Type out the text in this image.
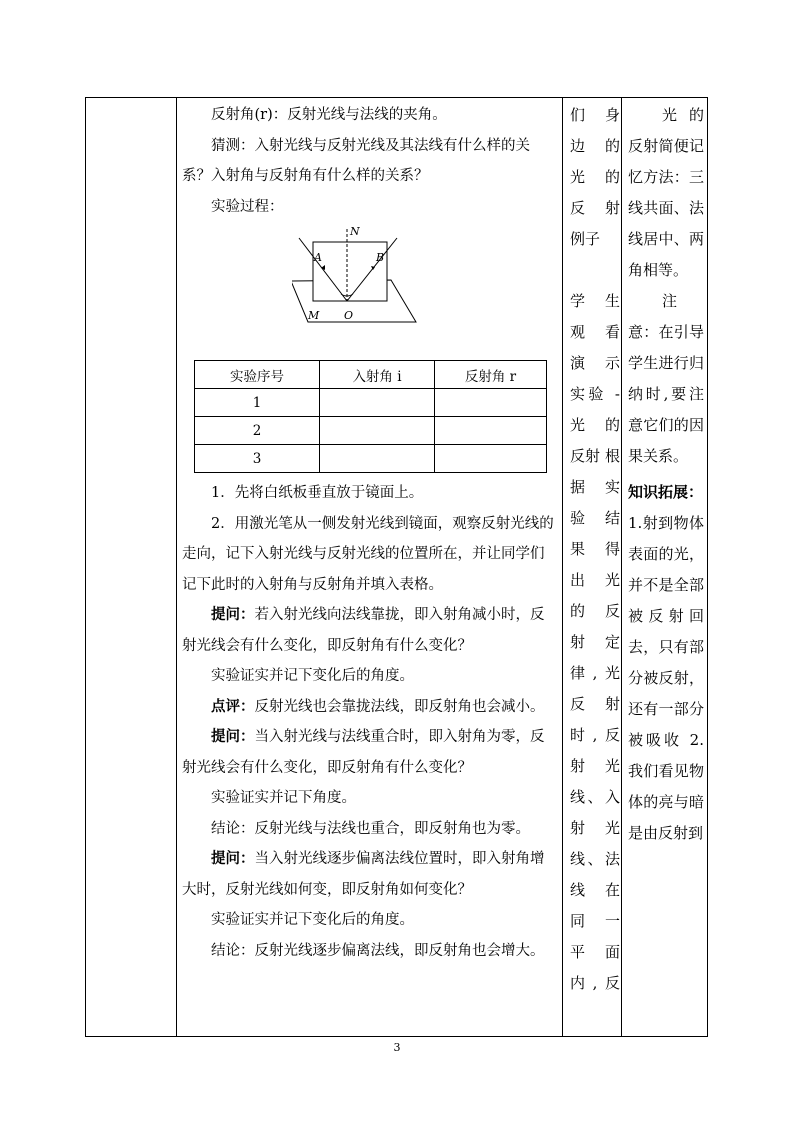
反射角(r)：反射光线与法线的夹角。

猜测：入射光线与反射光线及其法线有什么样的关系？入射角与反射角有什么样的关系？

实验过程：

N
A	B
M O

1．先将白纸板垂直放于镜面上。

2．用激光笔从一侧发射光线到镜面，观察反射光线的走向，记下入射光线与反射光线的位置所在，并让同学们记下此时的入射角与反射角并填入表格。

提问：若入射光线向法线靠拢，即入射角减小时，反射光线会有什么变化，即反射角有什么变化？

实验证实并记下变化后的角度。

点评：反射光线也会靠拢法线，即反射角也会减小。

提问：当入射光线与法线重合时，即入射角为零，反射光线会有什么变化，即反射角有什么变化？

实验证实并记下角度。

结论：反射光线与法线也重合，即反射角也为零。

提问：当入射光线逐步偏离法线位置时，即入射角增大时，反射光线如何变，即反射角如何变化？

实验证实并记下变化后的角度。

结论：反射光线逐步偏离法线，即反射角也会增大。

实验序号	入射角 i	反射角 r
1		
2		
3		

们 身

边 的

光 的

反 射

例子

学 生

观 看

演 示

实验 -

光 的

反射 根

据 实

验 结

果 得

出 光

的 反

射 定

律,光

反 射

时,反

射 光

线、入

射 光

线、法

线 在

同 一

平 面

内,反

光的反射简便记忆方法：三线共面、法线居中、两角相等。

注意：在引导学生进行归纳时,要注意它们的因果关系。

知识拓展：

1.射到物体表面的光，并不是全部被反射回去，只有部分被反射，还有一部分被吸收 2.我们看见物体的亮与暗是由反射到

3
